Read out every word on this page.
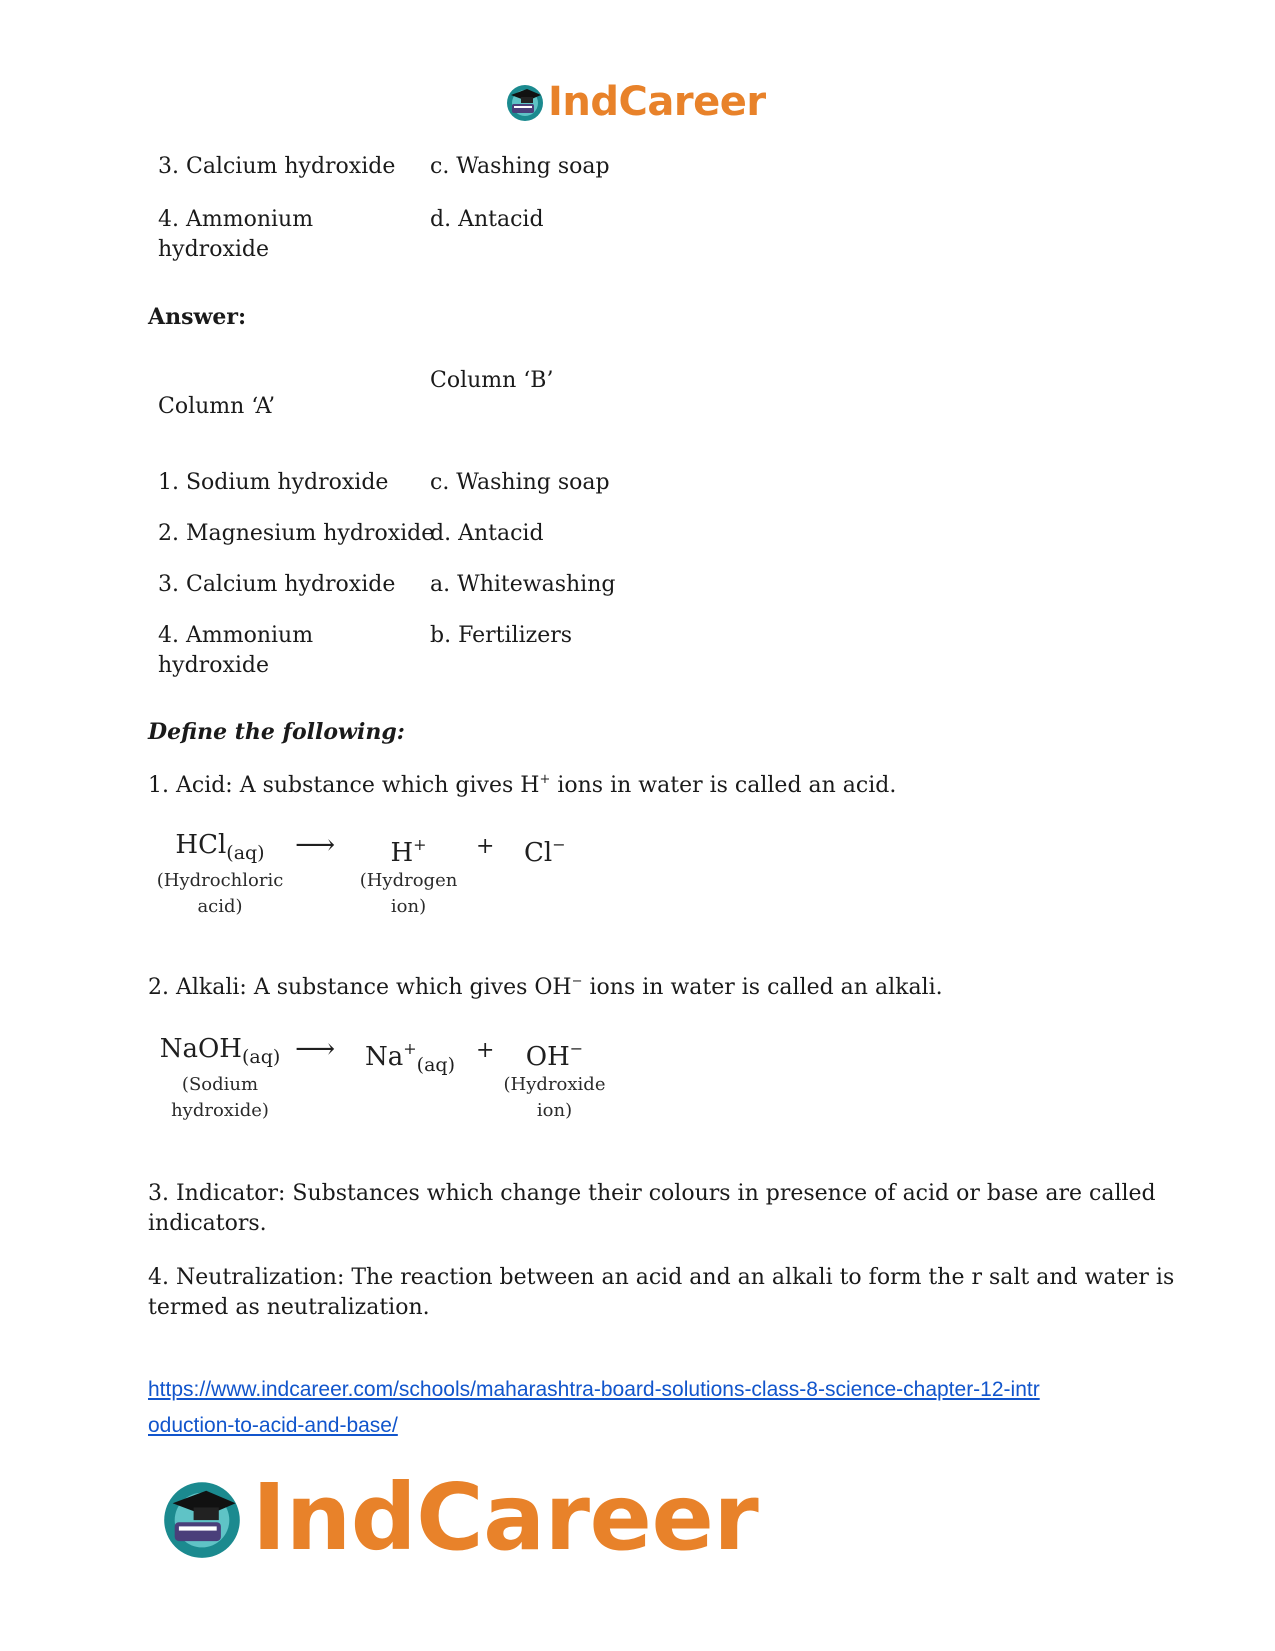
IndCareer
3. Calcium hydroxide c. Washing soap
4. Ammonium
hydroxide
d. Antacid
Answer:
Column ‘B’
Column ‘A’
1. Sodium hydroxide c. Washing soap
2. Magnesium hydroxide
d. Antacid
3. Calcium hydroxide a. Whitewashing
4. Ammonium
hydroxide
b. Fertilizers
Define the following:
1. Acid: A substance which gives H+ ions in water is called an acid.
HCl$_{(aq)}$
(Hydrochloric
acid)
⟶	H+
(Hydrogen
ion)
+ Cl−
2. Alkali: A substance which gives OH− ions in water is called an alkali.
NaOH$_{(aq)}$
(Sodium
hydroxide)
⟶ $Na^+_{(aq)}$
+	OH−
(Hydroxide
ion)
3. Indicator: Substances which change their colours in presence of acid or base are called
indicators.
4. Neutralization: The reaction between an acid and an alkali to form the r salt and water is
termed as neutralization.
https://www.indcareer.com/schools/maharashtra-board-solutions-class-8-science-chapter-12-intr
oduction-to-acid-and-base/
IndCareer
